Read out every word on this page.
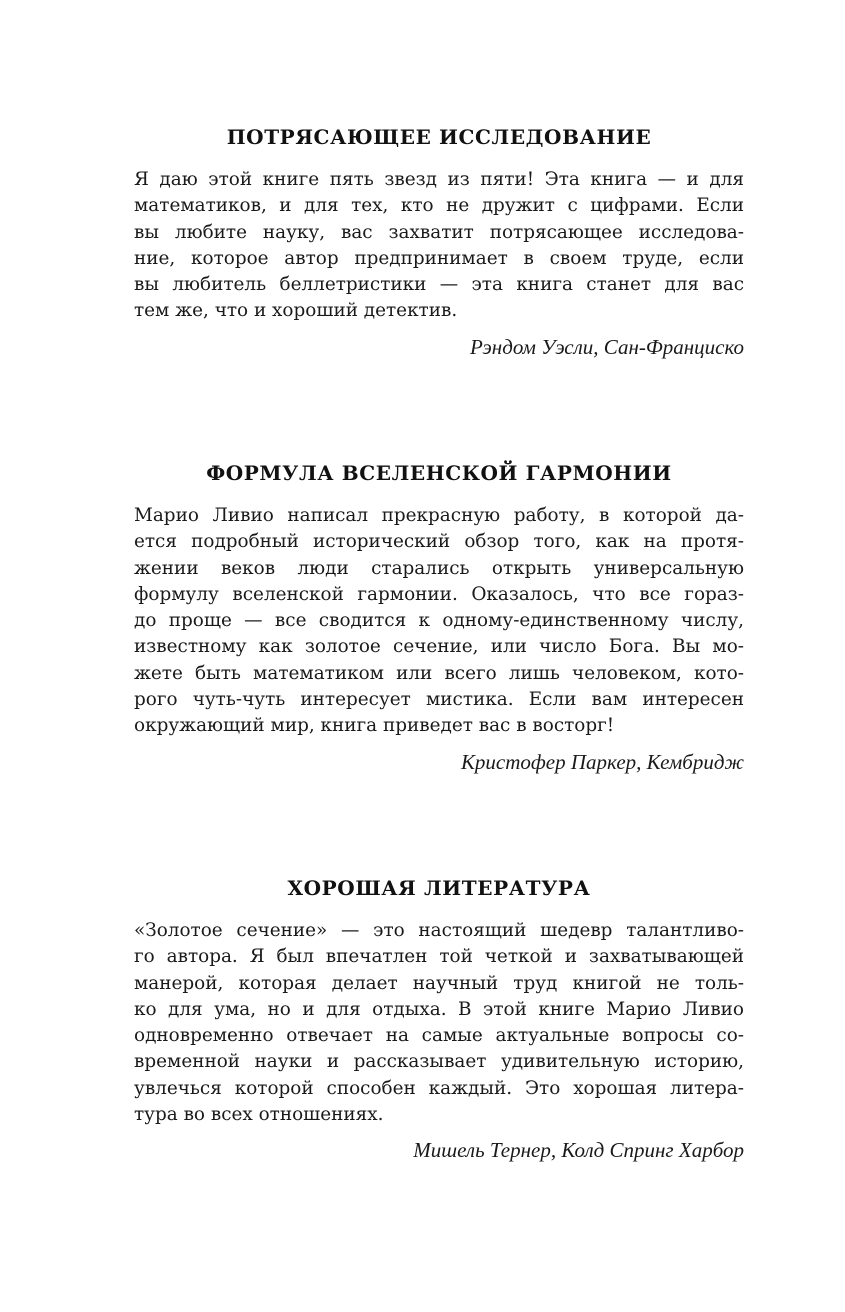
ПОТРЯСАЮЩЕЕ ИССЛЕДОВАНИЕ
Я даю этой книге пять звезд из пяти! Эта книга — и для
математиков, и для тех, кто не дружит с цифрами. Если
вы любите науку, вас захватит потрясающее исследова-
ние, которое автор предпринимает в своем труде, если
вы любитель беллетристики — эта книга станет для вас
тем же, что и хороший детектив.
Рэндом Уэсли, Сан-Франциско
ФОРМУЛА ВСЕЛЕНСКОЙ ГАРМОНИИ
Марио Ливио написал прекрасную работу, в которой да-
ется подробный исторический обзор того, как на протя-
жении веков люди старались открыть универсальную
формулу вселенской гармонии. Оказалось, что все гораз-
до проще — все сводится к одному-единственному числу,
известному как золотое сечение, или число Бога. Вы мо-
жете быть математиком или всего лишь человеком, кото-
рого чуть-чуть интересует мистика. Если вам интересен
окружающий мир, книга приведет вас в восторг!
Кристофер Паркер, Кембридж
ХОРОШАЯ ЛИТЕРАТУРА
«Золотое сечение» — это настоящий шедевр талантливо-
го автора. Я был впечатлен той четкой и захватывающей
манерой, которая делает научный труд книгой не толь-
ко для ума, но и для отдыха. В этой книге Марио Ливио
одновременно отвечает на самые актуальные вопросы со-
временной науки и рассказывает удивительную историю,
увлечься которой способен каждый. Это хорошая литера-
тура во всех отношениях.
Мишель Тернер, Колд Спринг Харбор
